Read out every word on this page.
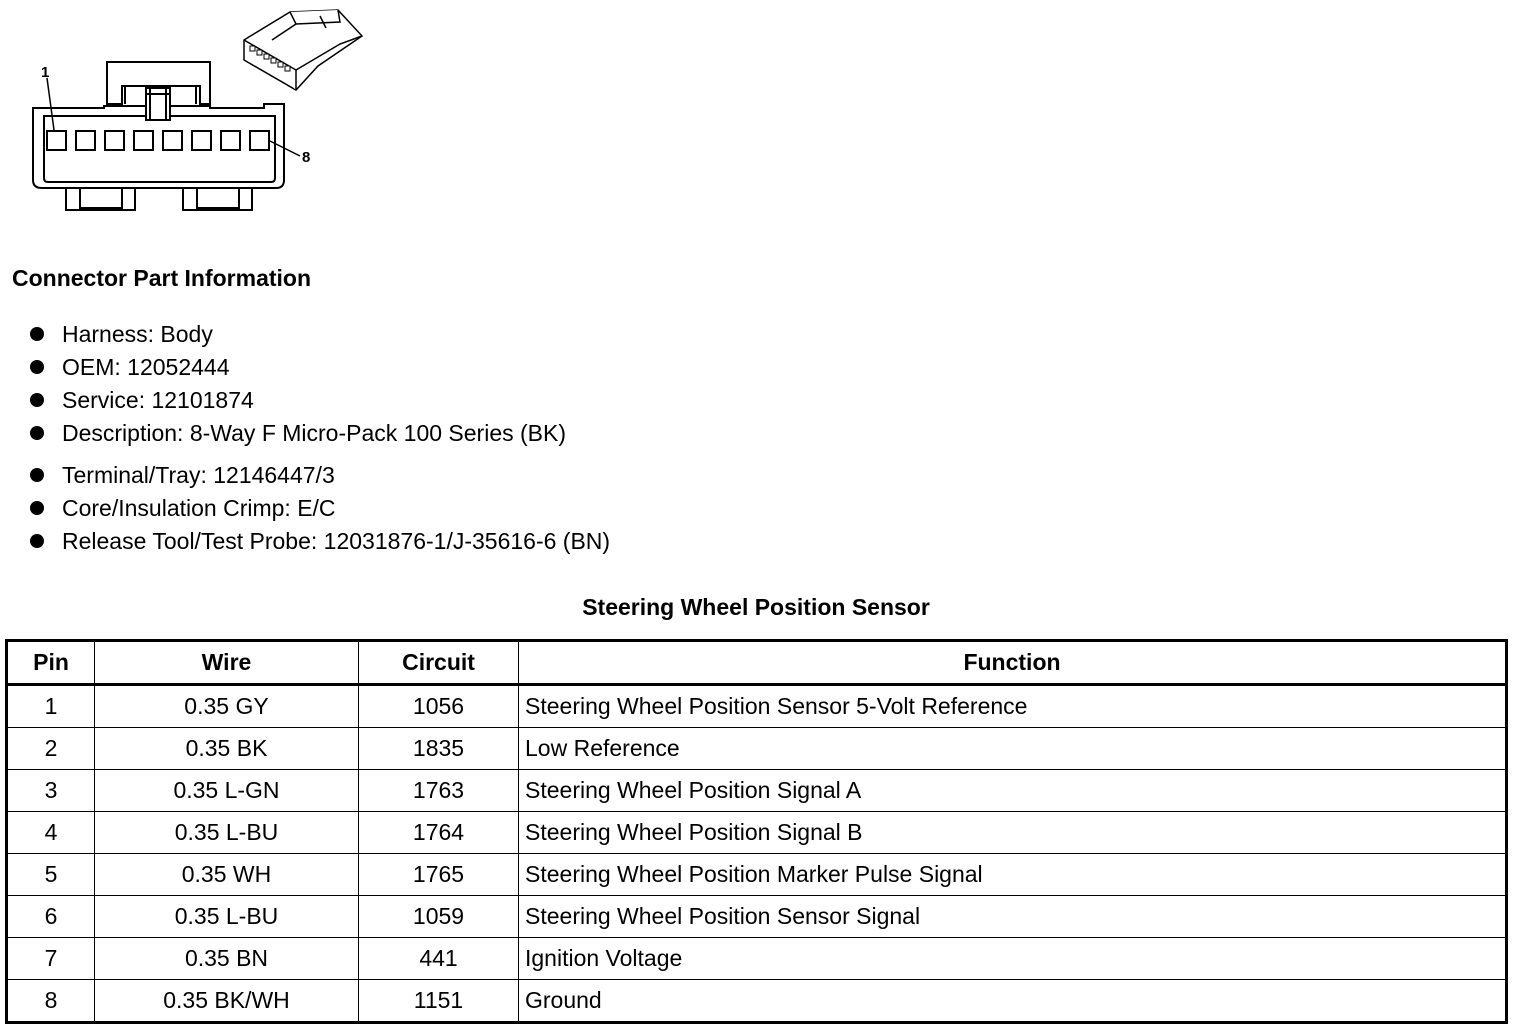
1
8
Connector Part Information
Harness: Body
OEM: 12052444
Service: 12101874
Description: 8-Way F Micro-Pack 100 Series (BK)
Terminal/Tray: 12146447/3
Core/Insulation Crimp: E/C
Release Tool/Test Probe: 12031876-1/J-35616-6 (BN)
Steering Wheel Position Sensor
Pin	Wire	Circuit	Function
1	0.35 GY	1056	Steering Wheel Position Sensor 5-Volt Reference
2	0.35 BK	1835	Low Reference
3	0.35 L-GN	1763	Steering Wheel Position Signal A
4	0.35 L-BU	1764	Steering Wheel Position Signal B
5	0.35 WH	1765	Steering Wheel Position Marker Pulse Signal
6	0.35 L-BU	1059	Steering Wheel Position Sensor Signal
7	0.35 BN	441	Ignition Voltage
8	0.35 BK/WH	1151	Ground
